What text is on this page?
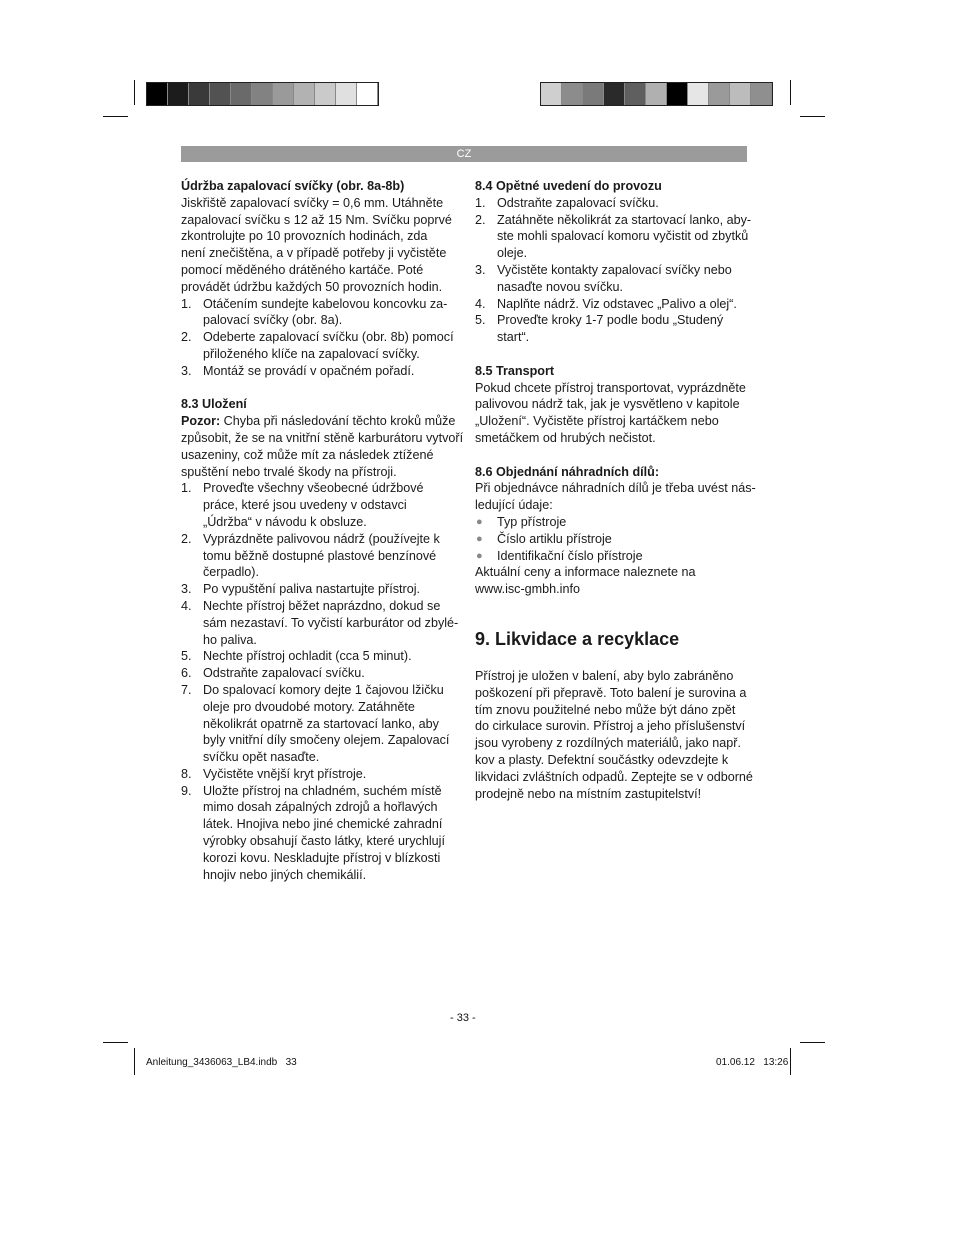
CZ

Údržba zapalovací svíčky (obr. 8a-8b)

Jiskřiště zapalovací svíčky = 0,6 mm. Utáhněte

zapalovací svíčku s 12 až 15 Nm. Svíčku poprvé

zkontrolujte po 10 provozních hodinách, zda

není znečištěna, a v případě potřeby ji vyčistěte

pomocí měděného drátěného kartáče. Poté

provádět údržbu každých 50 provozních hodin.

1. Otáčením sundejte kabelovou koncovku za-
palovací svíčky (obr. 8a).
2. Odeberte zapalovací svíčku (obr. 8b) pomocí
přiloženého klíče na zapalovací svíčky.
3. Montáž se provádí v opačném pořadí.

8.3 Uložení

Pozor: Chyba při následování těchto kroků může

způsobit, že se na vnitřní stěně karburátoru vytvoří

usazeniny, což může mít za následek ztížené

spuštění nebo trvalé škody na přístroji.

1. Proveďte všechny všeobecné údržbové
práce, které jsou uvedeny v odstavci
„Údržba“ v návodu k obsluze.
2. Vyprázdněte palivovou nádrž (používejte k
tomu běžně dostupné plastové benzínové
čerpadlo).
3. Po vypuštění paliva nastartujte přístroj.
4. Nechte přístroj běžet naprázdno, dokud se
sám nezastaví. To vyčistí karburátor od zbylé-
ho paliva.
5. Nechte přístroj ochladit (cca 5 minut).
6. Odstraňte zapalovací svíčku.
7. Do spalovací komory dejte 1 čajovou lžičku
oleje pro dvoudobé motory. Zatáhněte
několikrát opatrně za startovací lanko, aby
byly vnitřní díly smočeny olejem. Zapalovací
svíčku opět nasaďte.
8. Vyčistěte vnější kryt přístroje.
9. Uložte přístroj na chladném, suchém místě
mimo dosah zápalných zdrojů a hořlavých
látek. Hnojiva nebo jiné chemické zahradní
výrobky obsahují často látky, které urychlují
korozi kovu. Neskladujte přístroj v blízkosti
hnojiv nebo jiných chemikálií.

8.4 Opětné uvedení do provozu

1. Odstraňte zapalovací svíčku.
2. Zatáhněte několikrát za startovací lanko, aby-
ste mohli spalovací komoru vyčistit od zbytků
oleje.
3. Vyčistěte kontakty zapalovací svíčky nebo
nasaďte novou svíčku.
4. Naplňte nádrž. Viz odstavec „Palivo a olej“.
5. Proveďte kroky 1-7 podle bodu „Studený
start“.

8.5 Transport

Pokud chcete přístroj transportovat, vyprázdněte

palivovou nádrž tak, jak je vysvětleno v kapitole

„Uložení“. Vyčistěte přístroj kartáčkem nebo

smetáčkem od hrubých nečistot.

8.6 Objednání náhradních dílů:

Při objednávce náhradních dílů je třeba uvést nás-

ledující údaje:

● Typ přístroje
● Číslo artiklu přístroje
● Identifikační číslo přístroje

Aktuální ceny a informace naleznete na

www.isc-gmbh.info

9. Likvidace a recyklace

Přístroj je uložen v balení, aby bylo zabráněno

poškození při přepravě. Toto balení je surovina a

tím znovu použitelné nebo může být dáno zpět

do cirkulace surovin. Přístroj a jeho příslušenství

jsou vyrobeny z rozdílných materiálů, jako např.

kov a plasty. Defektní součástky odevzdejte k

likvidaci zvláštních odpadů. Zeptejte se v odborné

prodejně nebo na místním zastupitelství!

- 33 -
Anleitung_3436063_LB4.indb   33	01.06.12   13:26
